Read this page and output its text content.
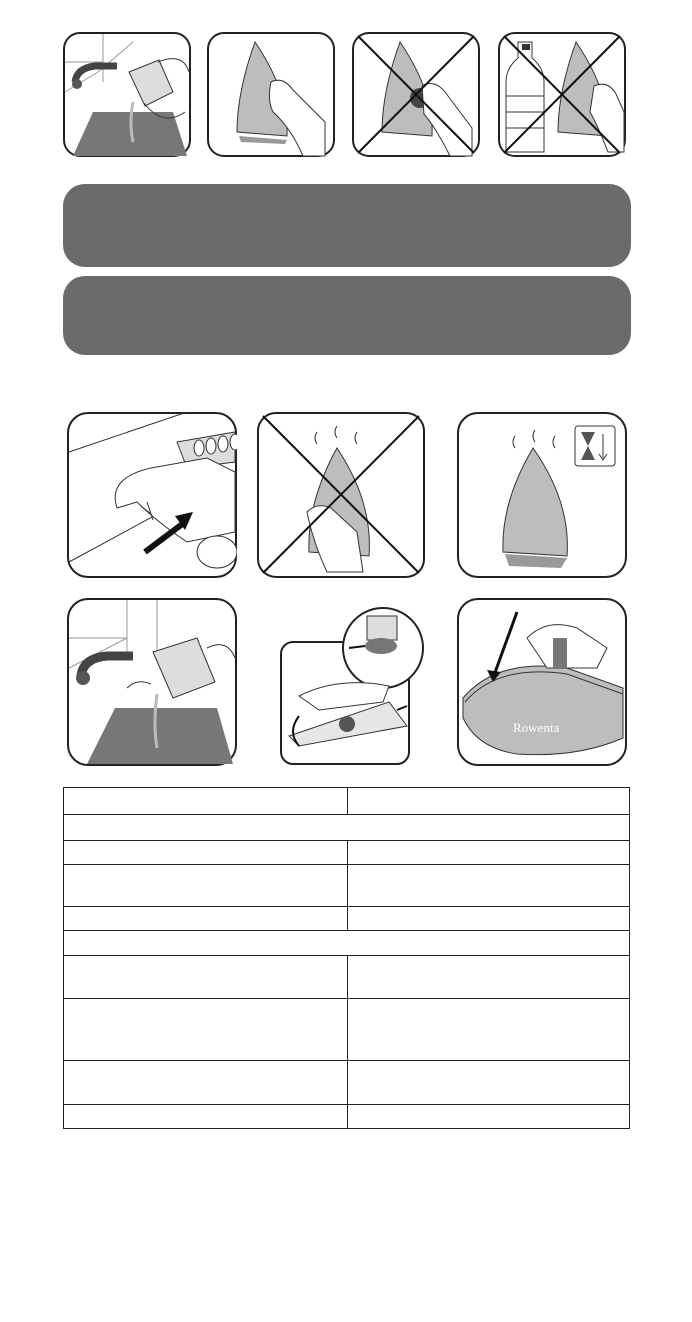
Rowenta
